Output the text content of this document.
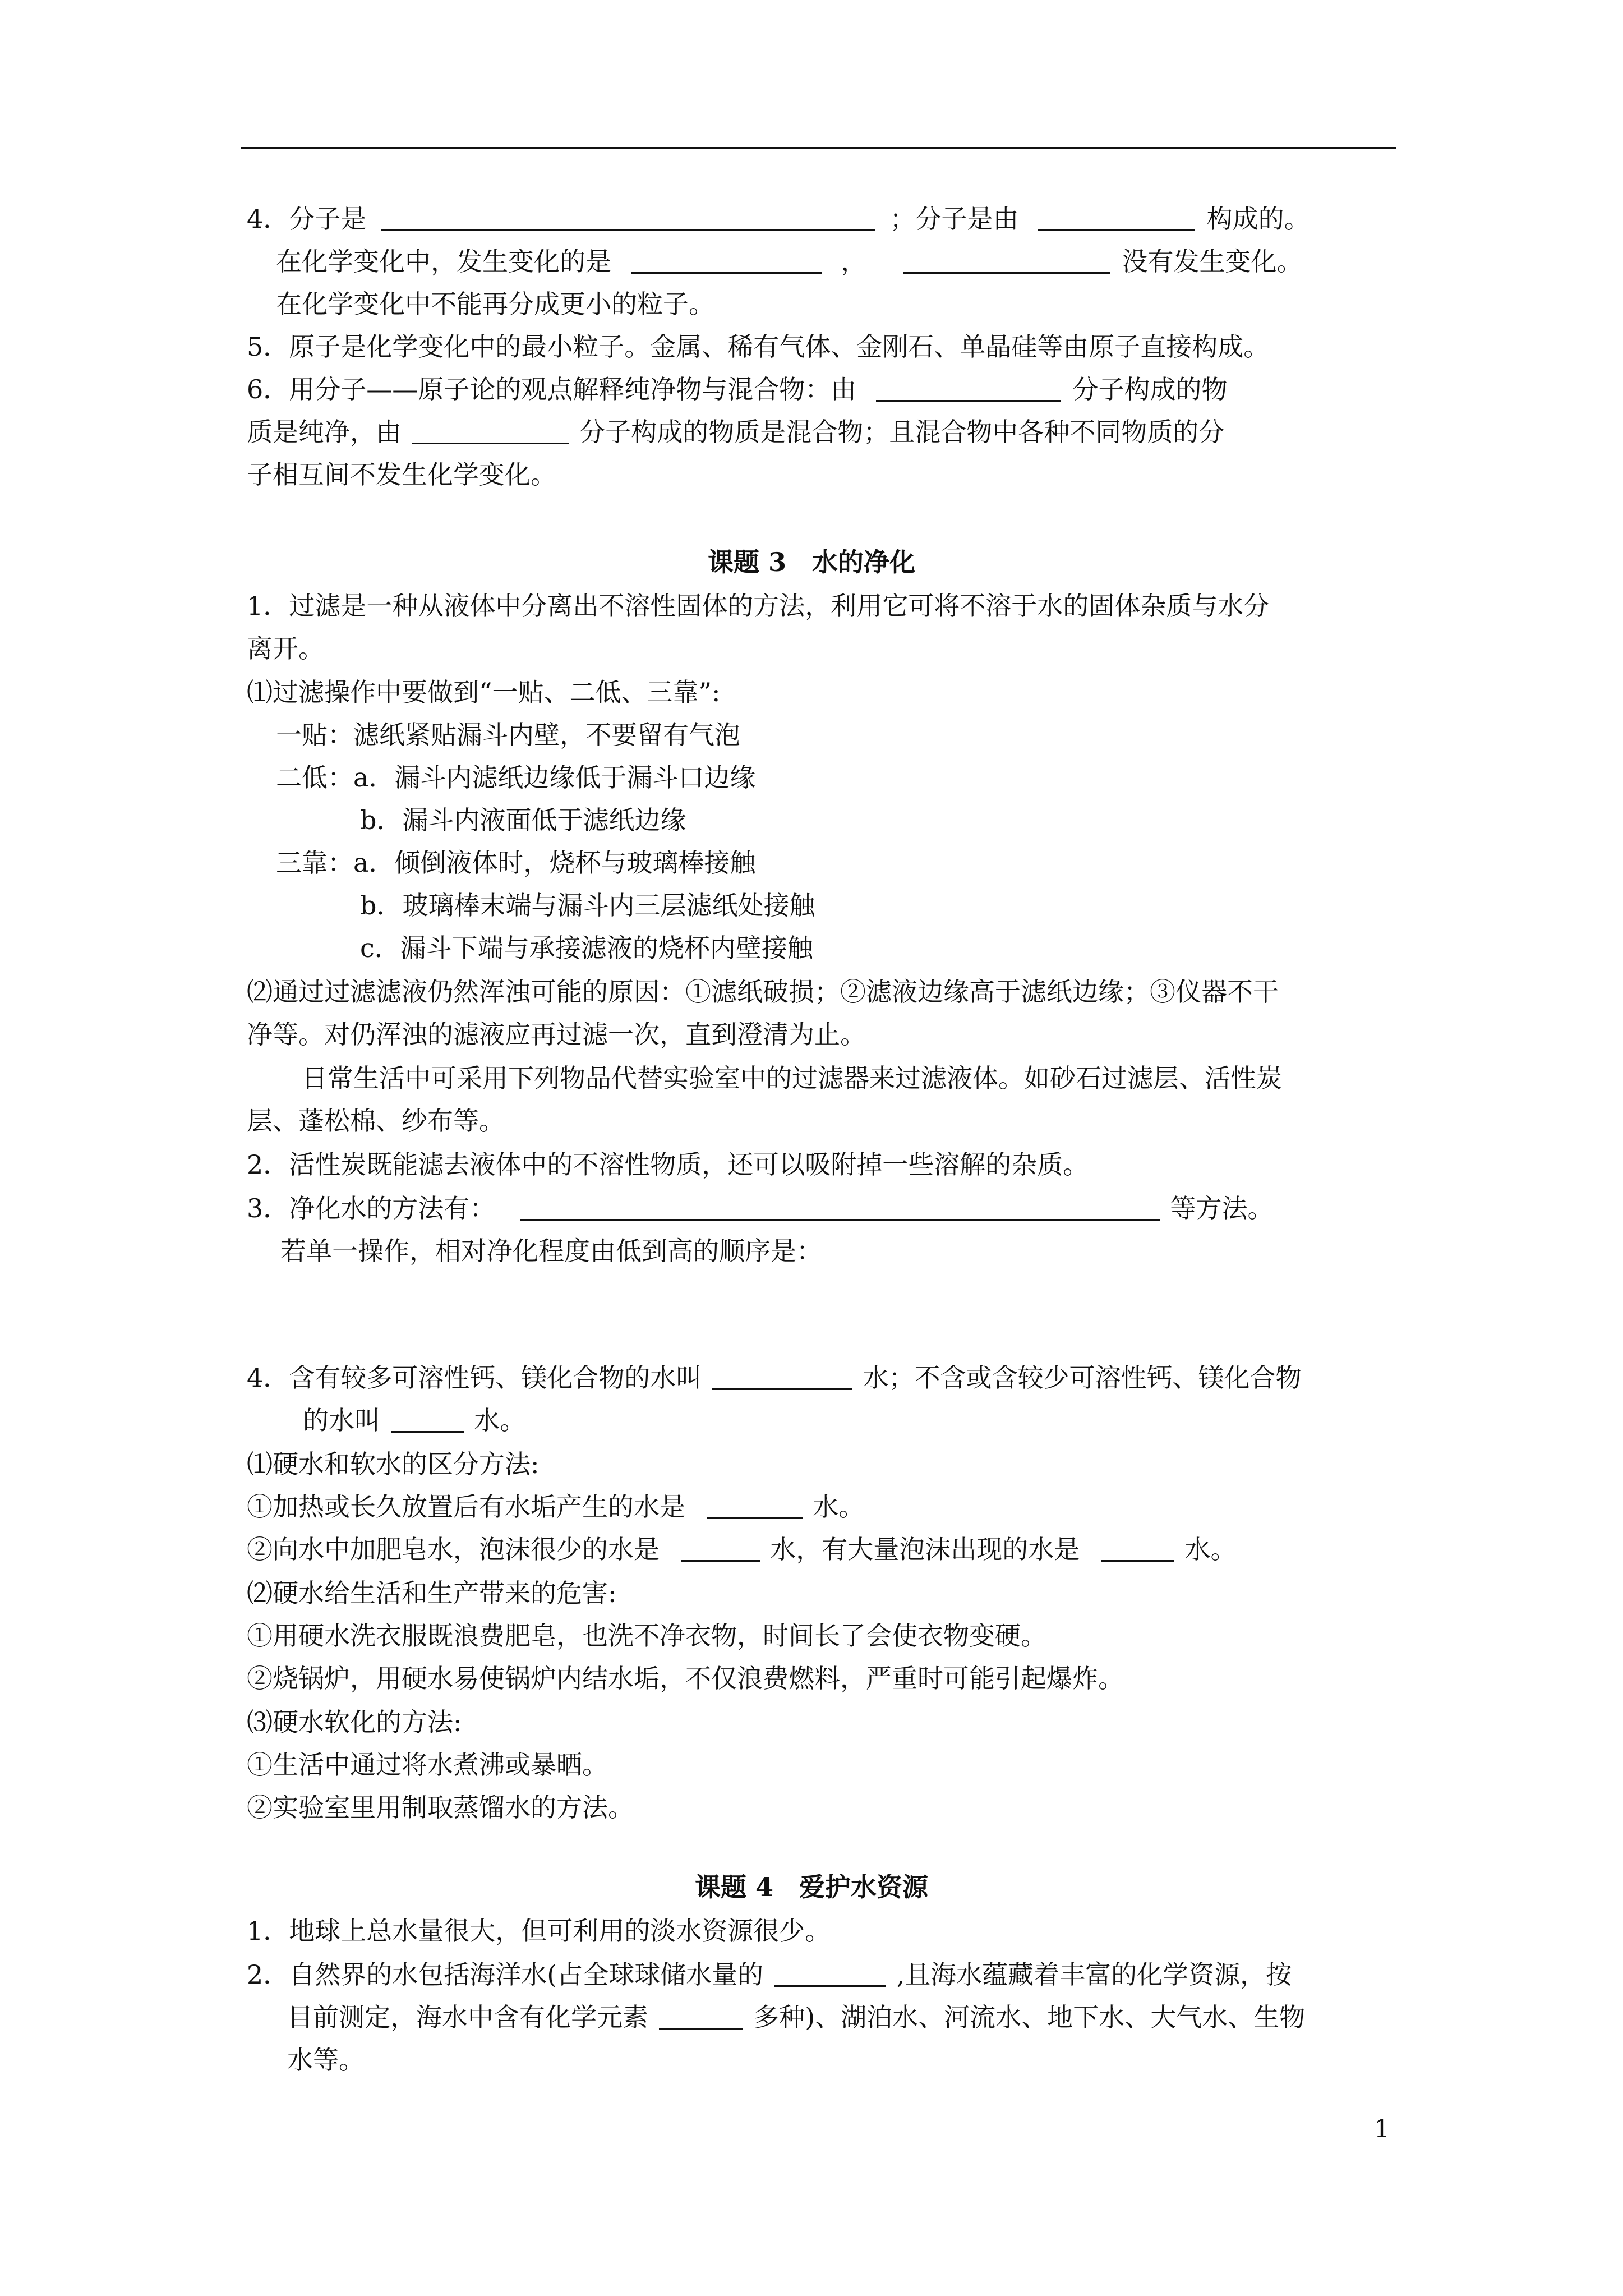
4．分子是	；分子是由	构成的。
在化学变化中，发生变化的是	，	没有发生变化。
在化学变化中不能再分成更小的粒子。
5．原子是化学变化中的最小粒子。金属、稀有气体、金刚石、单晶硅等由原子直接构成。
6．用分子——原子论的观点解释纯净物与混合物：由	分子构成的物
质是纯净，由	分子构成的物质是混合物；且混合物中各种不同物质的分
子相互间不发生化学变化。
课题 3　水的净化
1．过滤是一种从液体中分离出不溶性固体的方法，利用它可将不溶于水的固体杂质与水分
离开。
⑴过滤操作中要做到“一贴、二低、三靠”:
一贴：滤纸紧贴漏斗内壁，不要留有气泡
二低：a．漏斗内滤纸边缘低于漏斗口边缘
b．漏斗内液面低于滤纸边缘
三靠：a．倾倒液体时，烧杯与玻璃棒接触
b．玻璃棒末端与漏斗内三层滤纸处接触
c．漏斗下端与承接滤液的烧杯内壁接触
⑵通过过滤滤液仍然浑浊可能的原因：①滤纸破损；②滤液边缘高于滤纸边缘；③仪器不干
净等。对仍浑浊的滤液应再过滤一次，直到澄清为止。
日常生活中可采用下列物品代替实验室中的过滤器来过滤液体。如砂石过滤层、活性炭
层、蓬松棉、纱布等。
2．活性炭既能滤去液体中的不溶性物质，还可以吸附掉一些溶解的杂质。
3．净化水的方法有：	等方法。
若单一操作，相对净化程度由低到高的顺序是：
4．含有较多可溶性钙、镁化合物的水叫	水；不含或含较少可溶性钙、镁化合物
的水叫	水。
⑴硬水和软水的区分方法:
①加热或长久放置后有水垢产生的水是	水。
②向水中加肥皂水，泡沫很少的水是	水，有大量泡沫出现的水是	水。
⑵硬水给生活和生产带来的危害:
①用硬水洗衣服既浪费肥皂，也洗不净衣物，时间长了会使衣物变硬。
②烧锅炉，用硬水易使锅炉内结水垢，不仅浪费燃料，严重时可能引起爆炸。
⑶硬水软化的方法:
①生活中通过将水煮沸或暴晒。
②实验室里用制取蒸馏水的方法。
课题 4　爱护水资源
1．地球上总水量很大，但可利用的淡水资源很少。
2．自然界的水包括海洋水(占全球球储水量的	,且海水蕴藏着丰富的化学资源，按
目前测定，海水中含有化学元素	多种)、湖泊水、河流水、地下水、大气水、生物
水等。
1
